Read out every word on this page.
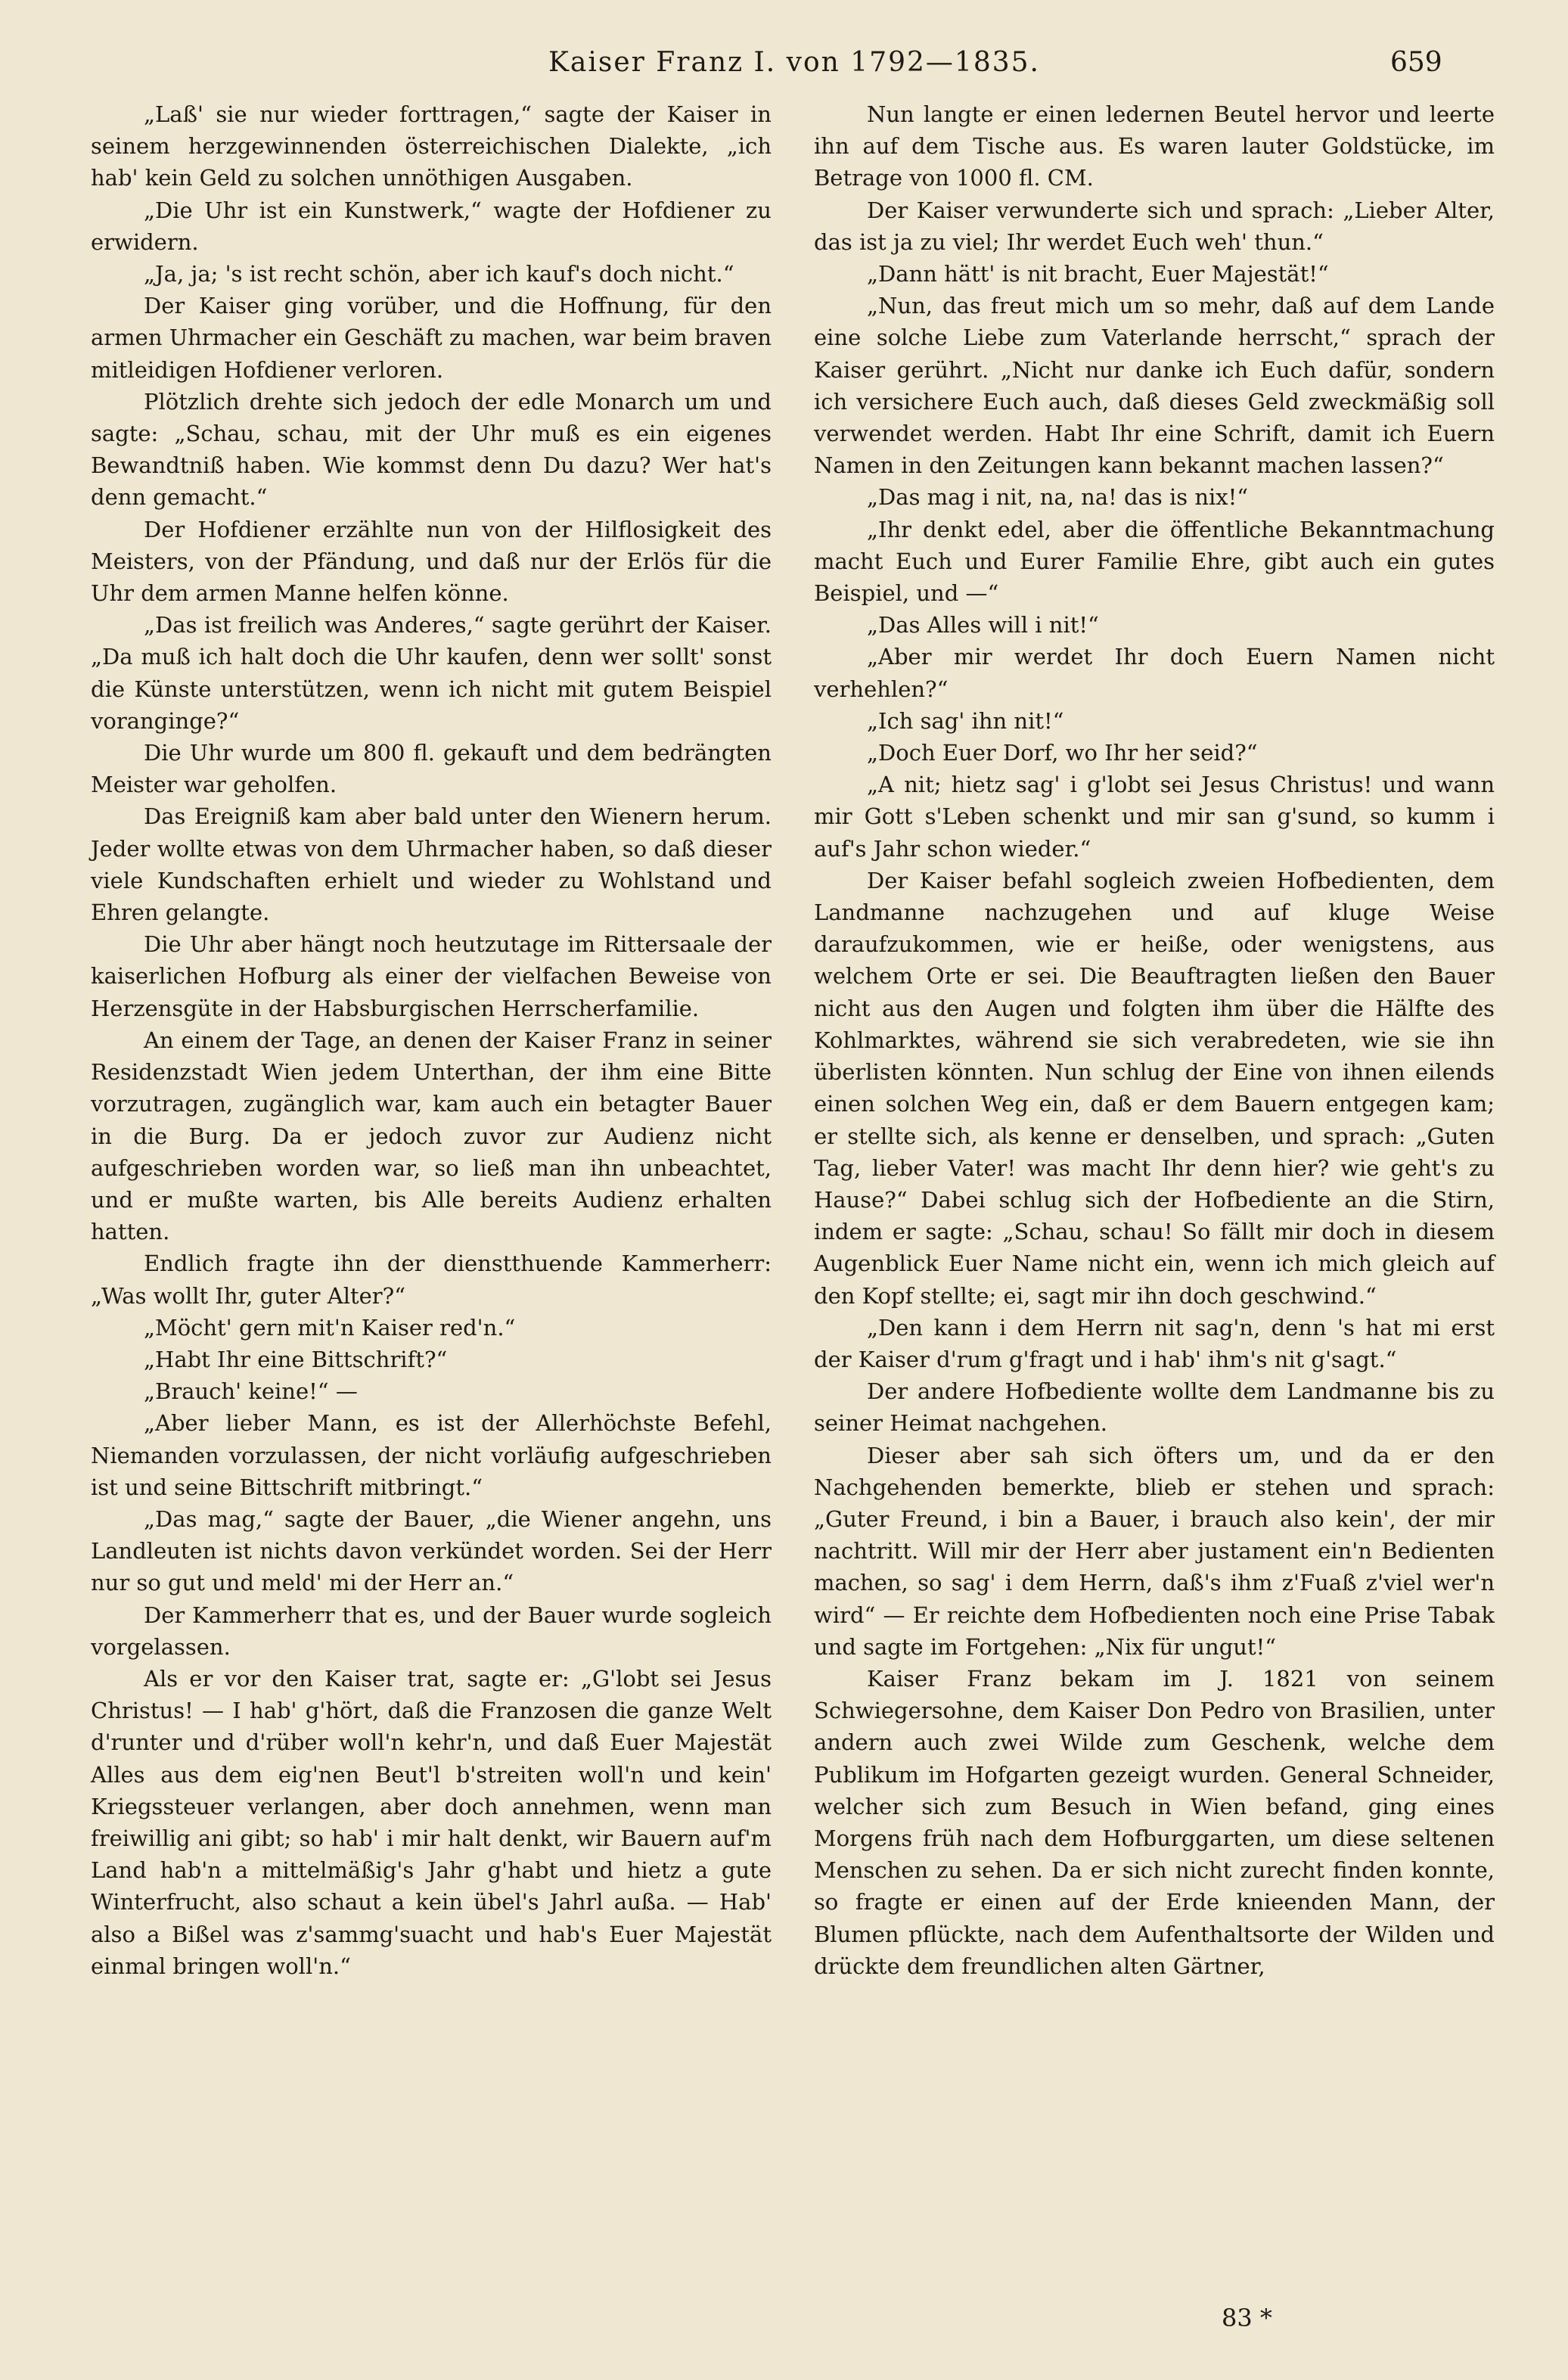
Kaiser Franz I. von 1792—1835.	659

„Laß' sie nur wieder forttragen,“ sagte der Kaiser in seinem herzgewinnenden österreichischen Dialekte, „ich hab' kein Geld zu solchen unnöthigen Ausgaben.

„Die Uhr ist ein Kunstwerk,“ wagte der Hofdiener zu erwidern.

„Ja, ja; 's ist recht schön, aber ich kauf's doch nicht.“

Der Kaiser ging vorüber, und die Hoffnung, für den armen Uhrmacher ein Geschäft zu machen, war beim braven mitleidigen Hofdiener verloren.

Plötzlich drehte sich jedoch der edle Monarch um und sagte: „Schau, schau, mit der Uhr muß es ein eigenes Bewandtniß haben. Wie kommst denn Du dazu? Wer hat's denn gemacht.“

Der Hofdiener erzählte nun von der Hilflosigkeit des Meisters, von der Pfändung, und daß nur der Erlös für die Uhr dem armen Manne helfen könne.

„Das ist freilich was Anderes,“ sagte gerührt der Kaiser. „Da muß ich halt doch die Uhr kaufen, denn wer sollt' sonst die Künste unterstützen, wenn ich nicht mit gutem Beispiel voranginge?“

Die Uhr wurde um 800 fl. gekauft und dem bedrängten Meister war geholfen.

Das Ereigniß kam aber bald unter den Wienern herum. Jeder wollte etwas von dem Uhrmacher haben, so daß dieser viele Kundschaften erhielt und wieder zu Wohlstand und Ehren gelangte.

Die Uhr aber hängt noch heutzutage im Rittersaale der kaiserlichen Hofburg als einer der vielfachen Beweise von Herzensgüte in der Habsburgischen Herrscherfamilie.

An einem der Tage, an denen der Kaiser Franz in seiner Residenzstadt Wien jedem Unterthan, der ihm eine Bitte vorzutragen, zugänglich war, kam auch ein betagter Bauer in die Burg. Da er jedoch zuvor zur Audienz nicht aufgeschrieben worden war, so ließ man ihn unbeachtet, und er mußte warten, bis Alle bereits Audienz erhalten hatten.

Endlich fragte ihn der dienstthuende Kammerherr: „Was wollt Ihr, guter Alter?“

„Möcht' gern mit'n Kaiser red'n.“

„Habt Ihr eine Bittschrift?“

„Brauch' keine!“ —

„Aber lieber Mann, es ist der Allerhöchste Befehl, Niemanden vorzulassen, der nicht vorläufig aufgeschrieben ist und seine Bittschrift mitbringt.“

„Das mag,“ sagte der Bauer, „die Wiener angehn, uns Landleuten ist nichts davon verkündet worden. Sei der Herr nur so gut und meld' mi der Herr an.“

Der Kammerherr that es, und der Bauer wurde sogleich vorgelassen.

Als er vor den Kaiser trat, sagte er: „G'lobt sei Jesus Christus! — I hab' g'hört, daß die Franzosen die ganze Welt d'runter und d'rüber woll'n kehr'n, und daß Euer Majestät Alles aus dem eig'nen Beut'l b'streiten woll'n und kein' Kriegssteuer verlangen, aber doch annehmen, wenn man freiwillig ani gibt; so hab' i mir halt denkt, wir Bauern auf'm Land hab'n a mittelmäßig's Jahr g'habt und hietz a gute Winterfrucht, also schaut a kein übel's Jahrl außa. — Hab' also a Bißel was z'sammg'suacht und hab's Euer Majestät einmal bringen woll'n.“

Nun langte er einen ledernen Beutel hervor und leerte ihn auf dem Tische aus. Es waren lauter Goldstücke, im Betrage von 1000 fl. CM.

Der Kaiser verwunderte sich und sprach: „Lieber Alter, das ist ja zu viel; Ihr werdet Euch weh' thun.“

„Dann hätt' is nit bracht, Euer Majestät!“

„Nun, das freut mich um so mehr, daß auf dem Lande eine solche Liebe zum Vaterlande herrscht,“ sprach der Kaiser gerührt. „Nicht nur danke ich Euch dafür, sondern ich versichere Euch auch, daß dieses Geld zweckmäßig soll verwendet werden. Habt Ihr eine Schrift, damit ich Euern Namen in den Zeitungen kann bekannt machen lassen?“

„Das mag i nit, na, na! das is nix!“

„Ihr denkt edel, aber die öffentliche Bekanntmachung macht Euch und Eurer Familie Ehre, gibt auch ein gutes Beispiel, und —“

„Das Alles will i nit!“

„Aber mir werdet Ihr doch Euern Namen nicht verhehlen?“

„Ich sag' ihn nit!“

„Doch Euer Dorf, wo Ihr her seid?“

„A nit; hietz sag' i g'lobt sei Jesus Christus! und wann mir Gott s'Leben schenkt und mir san g'sund, so kumm i auf's Jahr schon wieder.“

Der Kaiser befahl sogleich zweien Hofbedienten, dem Landmanne nachzugehen und auf kluge Weise daraufzukommen, wie er heiße, oder wenigstens, aus welchem Orte er sei. Die Beauftragten ließen den Bauer nicht aus den Augen und folgten ihm über die Hälfte des Kohlmarktes, während sie sich verabredeten, wie sie ihn überlisten könnten. Nun schlug der Eine von ihnen eilends einen solchen Weg ein, daß er dem Bauern entgegen kam; er stellte sich, als kenne er denselben, und sprach: „Guten Tag, lieber Vater! was macht Ihr denn hier? wie geht's zu Hause?“ Dabei schlug sich der Hofbediente an die Stirn, indem er sagte: „Schau, schau! So fällt mir doch in diesem Augenblick Euer Name nicht ein, wenn ich mich gleich auf den Kopf stellte; ei, sagt mir ihn doch geschwind.“

„Den kann i dem Herrn nit sag'n, denn 's hat mi erst der Kaiser d'rum g'fragt und i hab' ihm's nit g'sagt.“

Der andere Hofbediente wollte dem Landmanne bis zu seiner Heimat nachgehen.

Dieser aber sah sich öfters um, und da er den Nachgehenden bemerkte, blieb er stehen und sprach: „Guter Freund, i bin a Bauer, i brauch also kein', der mir nachtritt. Will mir der Herr aber justament ein'n Bedienten machen, so sag' i dem Herrn, daß's ihm z'Fuaß z'viel wer'n wird“ — Er reichte dem Hofbedienten noch eine Prise Tabak und sagte im Fortgehen: „Nix für ungut!“

Kaiser Franz bekam im J. 1821 von seinem Schwiegersohne, dem Kaiser Don Pedro von Brasilien, unter andern auch zwei Wilde zum Geschenk, welche dem Publikum im Hofgarten gezeigt wurden. General Schneider, welcher sich zum Besuch in Wien befand, ging eines Morgens früh nach dem Hofburggarten, um diese seltenen Menschen zu sehen. Da er sich nicht zurecht finden konnte, so fragte er einen auf der Erde knieenden Mann, der Blumen pflückte, nach dem Aufenthaltsorte der Wilden und drückte dem freundlichen alten Gärtner,

83 *
